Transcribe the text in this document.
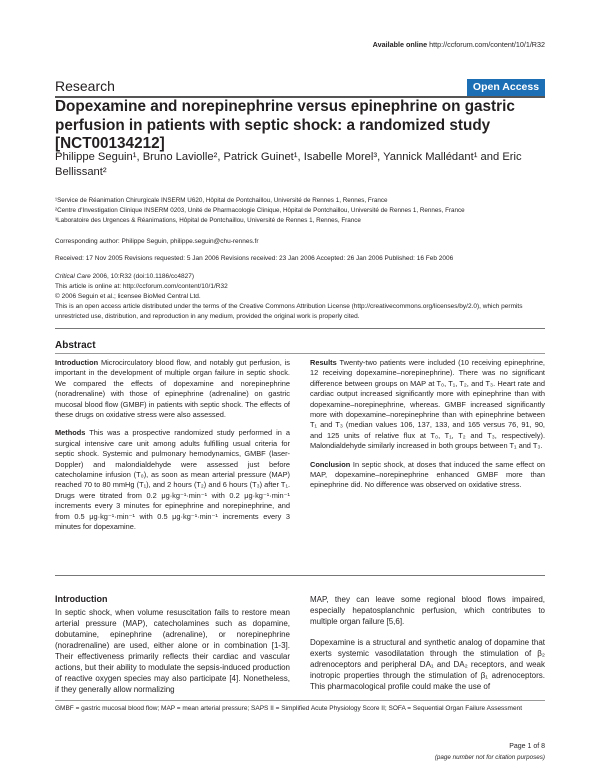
Available online http://ccforum.com/content/10/1/R32
Research	Open Access
Dopexamine and norepinephrine versus epinephrine on gastric perfusion in patients with septic shock: a randomized study [NCT00134212]
Philippe Seguin¹, Bruno Laviolle², Patrick Guinet¹, Isabelle Morel³, Yannick Mallédant¹ and Eric Bellissant²
¹Service de Réanimation Chirurgicale INSERM U620, Hôpital de Pontchaillou, Université de Rennes 1, Rennes, France
²Centre d'Investigation Clinique INSERM 0203, Unité de Pharmacologie Clinique, Hôpital de Pontchaillou, Université de Rennes 1, Rennes, France
³Laboratoire des Urgences & Réanimations, Hôpital de Pontchaillou, Université de Rennes 1, Rennes, France
Corresponding author: Philippe Seguin, philippe.seguin@chu-rennes.fr
Received: 17 Nov 2005 Revisions requested: 5 Jan 2006 Revisions received: 23 Jan 2006 Accepted: 26 Jan 2006 Published: 16 Feb 2006
Critical Care 2006, 10:R32 (doi:10.1186/cc4827)
This article is online at: http://ccforum.com/content/10/1/R32
© 2006 Seguin et al.; licensee BioMed Central Ltd.
This is an open access article distributed under the terms of the Creative Commons Attribution License (http://creativecommons.org/licenses/by/2.0), which permits unrestricted use, distribution, and reproduction in any medium, provided the original work is properly cited.
Abstract

Introduction Microcirculatory blood flow, and notably gut perfusion, is important in the development of multiple organ failure in septic shock. We compared the effects of dopexamine and norepinephrine (noradrenaline) with those of epinephrine (adrenaline) on gastric mucosal blood flow (GMBF) in patients with septic shock. The effects of these drugs on oxidative stress were also assessed.

Methods This was a prospective randomized study performed in a surgical intensive care unit among adults fulfilling usual criteria for septic shock. Systemic and pulmonary hemodynamics, GMBF (laser-Doppler) and malondialdehyde were assessed just before catecholamine infusion (T₀), as soon as mean arterial pressure (MAP) reached 70 to 80 mmHg (T₁), and 2 hours (T₂) and 6 hours (T₃) after T₁. Drugs were titrated from 0.2 μg·kg⁻¹·min⁻¹ with 0.2 μg·kg⁻¹·min⁻¹ increments every 3 minutes for epinephrine and norepinephrine, and from 0.5 μg·kg⁻¹·min⁻¹ with 0.5 μg·kg⁻¹·min⁻¹ increments every 3 minutes for dopexamine.

Results Twenty-two patients were included (10 receiving epinephrine, 12 receiving dopexamine–norepinephrine). There was no significant difference between groups on MAP at T₀, T₁, T₂, and T₃. Heart rate and cardiac output increased significantly more with epinephrine than with dopexamine–norepinephrine, whereas. GMBF increased significantly more with dopexamine–norepinephrine than with epinephrine between T₁ and T₃ (median values 106, 137, 133, and 165 versus 76, 91, 90, and 125 units of relative flux at T₀, T₁, T₂ and T₃, respectively). Malondialdehyde similarly increased in both groups between T₁ and T₃.

Conclusion In septic shock, at doses that induced the same effect on MAP, dopexamine–norepinephrine enhanced GMBF more than epinephrine did. No difference was observed on oxidative stress.

Introduction

In septic shock, when volume resuscitation fails to restore mean arterial pressure (MAP), catecholamines such as dopamine, dobutamine, epinephrine (adrenaline), or norepinephrine (noradrenaline) are used, either alone or in combination [1-3]. Their effectiveness primarily reflects their cardiac and vascular actions, but their ability to modulate the sepsis-induced production of reactive oxygen species may also participate [4]. Nonetheless, if they generally allow normalizing

MAP, they can leave some regional blood flows impaired, especially hepatosplanchnic perfusion, which contributes to multiple organ failure [5,6].

Dopexamine is a structural and synthetic analog of dopamine that exerts systemic vasodilatation through the stimulation of β₂ adrenoceptors and peripheral DA₁ and DA₂ receptors, and weak inotropic properties through the stimulation of β₁ adrenoceptors. This pharmacological profile could make the use of

GMBF = gastric mucosal blood flow; MAP = mean arterial pressure; SAPS II = Simplified Acute Physiology Score II; SOFA = Sequential Organ Failure Assessment
Page 1 of 8
(page number not for citation purposes)
